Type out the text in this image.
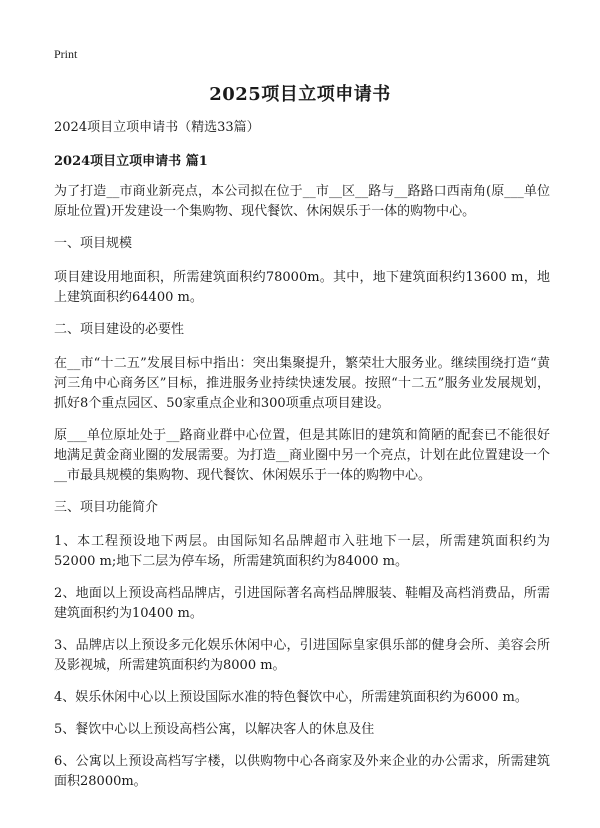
Print
2025项目立项申请书
2024项目立项申请书（精选33篇）
2024项目立项申请书 篇1
为了打造__市商业新亮点，本公司拟在位于__市__区__路与__路路口西南角(原___单位原址位置)开发建设一个集购物、现代餐饮、休闲娱乐于一体的购物中心。
一、项目规模
项目建设用地面积，所需建筑面积约78000m。其中，地下建筑面积约13600 m，地上建筑面积约64400 m。
二、项目建设的必要性
在__市“十二五”发展目标中指出：突出集聚提升，繁荣壮大服务业。继续围绕打造“黄河三角中心商务区”目标，推进服务业持续快速发展。按照“十二五”服务业发展规划，抓好8个重点园区、50家重点企业和300项重点项目建设。
原___单位原址处于__路商业群中心位置，但是其陈旧的建筑和简陋的配套已不能很好地满足黄金商业圈的发展需要。为打造__商业圈中另一个亮点，计划在此位置建设一个__市最具规模的集购物、现代餐饮、休闲娱乐于一体的购物中心。
三、项目功能简介
1、本工程预设地下两层。由国际知名品牌超市入驻地下一层，所需建筑面积约为52000 m;地下二层为停车场，所需建筑面积约为84000 m。
2、地面以上预设高档品牌店，引进国际著名高档品牌服装、鞋帽及高档消费品，所需建筑面积约为10400 m。
3、品牌店以上预设多元化娱乐休闲中心，引进国际皇家俱乐部的健身会所、美容会所及影视城，所需建筑面积约为8000 m。
4、娱乐休闲中心以上预设国际水准的特色餐饮中心，所需建筑面积约为6000 m。
5、餐饮中心以上预设高档公寓，以解决客人的休息及住
6、公寓以上预设高档写字楼，以供购物中心各商家及外来企业的办公需求，所需建筑面积28000m。
